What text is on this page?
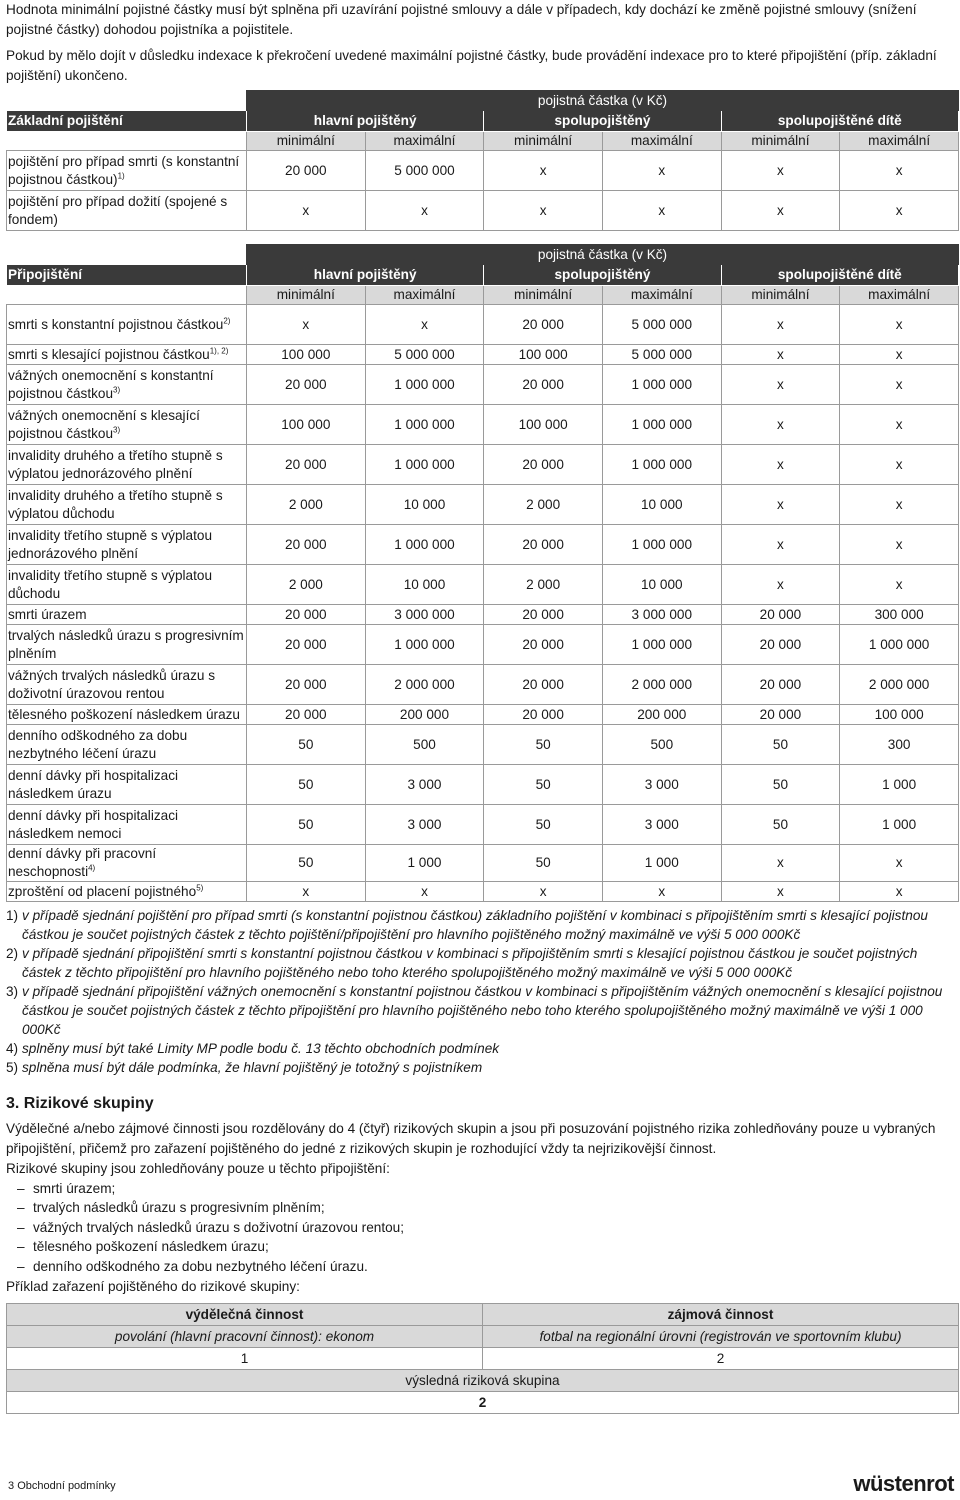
Hodnota minimální pojistné částky musí být splněna při uzavírání pojistné smlouvy a dále v případech, kdy dochází ke změně pojistné smlouvy (snížení pojistné částky) dohodou pojistníka a pojistitele.

Pokud by mělo dojít v důsledku indexace k překročení uvedené maximální pojistné částky, bude provádění indexace pro to které připojištění (příp. základní pojištění) ukončeno.

	pojistná částka (v Kč)					
Základní pojištění	hlavní pojištěný		spolupojištěný		spolupojištěné dítě	
	minimální	maximální	minimální	maximální	minimální	maximální
pojištění pro případ smrti (s konstantní pojistnou částkou)$^{1)}$	20 000	5 000 000	x	x	x	x
pojištění pro případ dožití (spojené s fondem)	x	x	x	x	x	x
	pojistná částka (v Kč)					
Připojištění	hlavní pojištěný		spolupojištěný		spolupojištěné dítě	
	minimální	maximální	minimální	maximální	minimální	maximální
smrti s konstantní pojistnou částkou$^{2)}$	x	x	20 000	5 000 000	x	x
smrti s klesající pojistnou částkou$^{1), 2)}$	100 000	5 000 000	100 000	5 000 000	x	x
vážných onemocnění s konstantní pojistnou částkou$^{3)}$	20 000	1 000 000	20 000	1 000 000	x	x
vážných onemocnění s klesající pojistnou částkou$^{3)}$	100 000	1 000 000	100 000	1 000 000	x	x
invalidity druhého a třetího stupně s výplatou jednorázového plnění	20 000	1 000 000	20 000	1 000 000	x	x
invalidity druhého a třetího stupně s výplatou důchodu	2 000	10 000	2 000	10 000	x	x
invalidity třetího stupně s výplatou jednorázového plnění	20 000	1 000 000	20 000	1 000 000	x	x
invalidity třetího stupně s výplatou důchodu	2 000	10 000	2 000	10 000	x	x
smrti úrazem	20 000	3 000 000	20 000	3 000 000	20 000	300 000
trvalých následků úrazu s progresivním plněním	20 000	1 000 000	20 000	1 000 000	20 000	1 000 000
vážných trvalých následků úrazu s doživotní úrazovou rentou	20 000	2 000 000	20 000	2 000 000	20 000	2 000 000
tělesného poškození následkem úrazu	20 000	200 000	20 000	200 000	20 000	100 000
denního odškodného za dobu nezbytného léčení úrazu	50	500	50	500	50	300
denní dávky při hospitalizaci následkem úrazu	50	3 000	50	3 000	50	1 000
denní dávky při hospitalizaci následkem nemoci	50	3 000	50	3 000	50	1 000
denní dávky při pracovní neschopnosti$^{4)}$	50	1 000	50	1 000	x	x
zproštění od placení pojistného$^{5)}$	x	x	x	x	x	x

1) v případě sjednání pojištění pro případ smrti (s konstantní pojistnou částkou) základního pojištění v kombinaci s připojištěním smrti s klesající pojistnou částkou je součet pojistných částek z těchto pojištění/připojištění pro hlavního pojištěného možný maximálně ve výši 5 000 000Kč

2) v případě sjednání připojištění smrti s konstantní pojistnou částkou v kombinaci s připojištěním smrti s klesající pojistnou částkou je součet pojistných částek z těchto připojištění pro hlavního pojištěného nebo toho kterého spolupojištěného možný maximálně ve výši 5 000 000Kč

3) v případě sjednání připojištění vážných onemocnění s konstantní pojistnou částkou v kombinaci s připojištěním vážných onemocnění s klesající pojistnou částkou je součet pojistných částek z těchto připojištění pro hlavního pojištěného nebo toho kterého spolupojištěného možný maximálně ve výši 1 000 000Kč

4) splněny musí být také Limity MP podle bodu č. 13 těchto obchodních podmínek

5) splněna musí být dále podmínka, že hlavní pojištěný je totožný s pojistníkem

3. Rizikové skupiny

Výdělečné a/nebo zájmové činnosti jsou rozdělovány do 4 (čtyř) rizikových skupin a jsou při posuzování pojistného rizika zohledňovány pouze u vybraných připojištění, přičemž pro zařazení pojištěného do jedné z rizikových skupin je rozhodující vždy ta nejrizikovější činnost.

Rizikové skupiny jsou zohledňovány pouze u těchto připojištění:

– smrti úrazem;
– trvalých následků úrazu s progresivním plněním;
– vážných trvalých následků úrazu s doživotní úrazovou rentou;
– tělesného poškození následkem úrazu;
– denního odškodného za dobu nezbytného léčení úrazu.

Příklad zařazení pojištěného do rizikové skupiny:

výdělečná činnost	zájmová činnost
povolání (hlavní pracovní činnost): ekonom	fotbal na regionální úrovni (registrován ve sportovním klubu)
1	2
výsledná riziková skupina	
2	
3 Obchodní podmínky	wüstenrot
